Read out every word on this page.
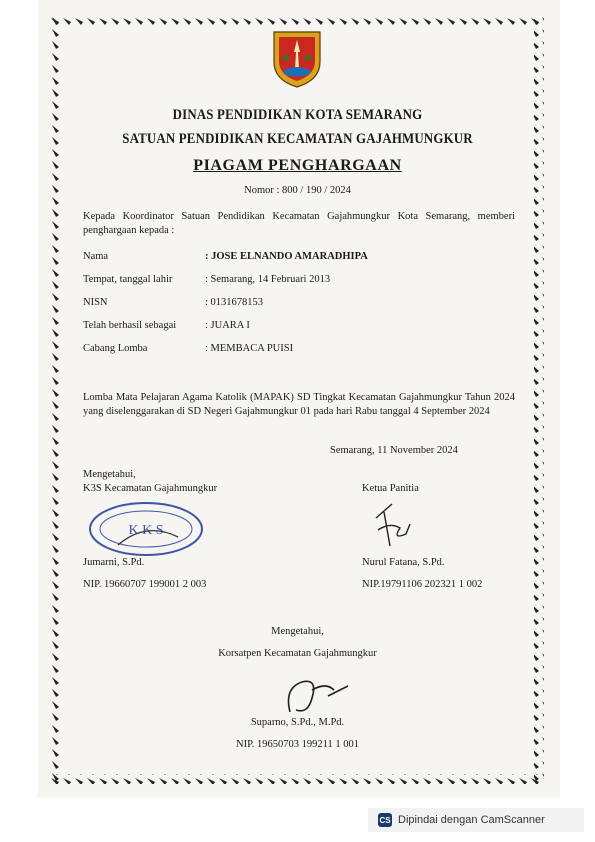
DINAS PENDIDIKAN KOTA SEMARANG
SATUAN PENDIDIKAN KECAMATAN GAJAHMUNGKUR
PIAGAM PENGHARGAAN
Nomor : 800 / 190 / 2024
Kepada Koordinator Satuan Pendidikan Kecamatan Gajahmungkur Kota Semarang, memberi penghargaan kepada :
Nama	: JOSE ELNANDO AMARADHIPA
Tempat, tanggal lahir	: Semarang, 14 Februari 2013
NISN	: 0131678153
Telah berhasil sebagai	: JUARA I
Cabang Lomba	: MEMBACA PUISI
Lomba Mata Pelajaran Agama Katolik (MAPAK) SD Tingkat Kecamatan Gajahmungkur Tahun 2024 yang diselenggarakan di SD Negeri Gajahmungkur 01 pada hari Rabu tanggal 4 September 2024
Semarang, 11 November 2024
Mengetahui,
K3S Kecamatan Gajahmungkur	Ketua Panitia
K K S
Jumarni, S.Pd.	Nurul Fatana, S.Pd.
NIP. 19660707 199001 2 003	NIP.19791106 202321 1 002
Mengetahui,
Korsatpen Kecamatan Gajahmungkur
Suparno, S.Pd., M.Pd.
NIP. 19650703 199211 1 001
CS Dipindai dengan CamScanner
